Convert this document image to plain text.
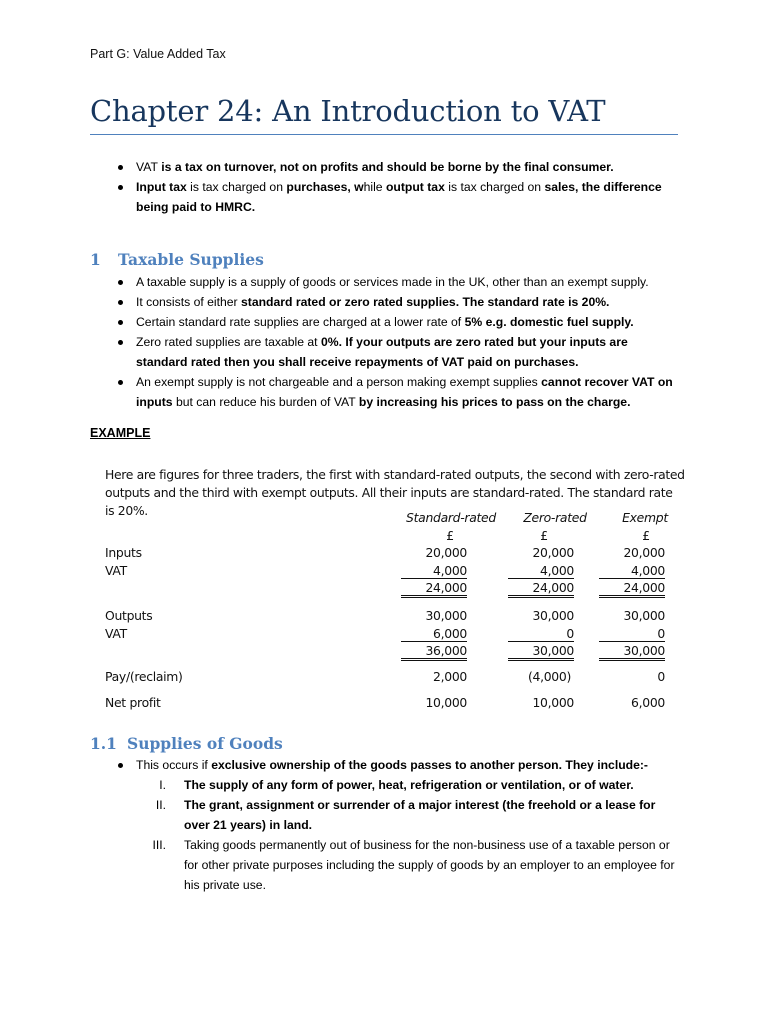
Part G: Value Added Tax
Chapter 24: An Introduction to VAT
VAT is a tax on turnover, not on profits and should be borne by the final consumer.
Input tax is tax charged on purchases, while output tax is tax charged on sales, the difference being paid to HMRC.
1 Taxable Supplies
A taxable supply is a supply of goods or services made in the UK, other than an exempt supply.
It consists of either standard rated or zero rated supplies. The standard rate is 20%.
Certain standard rate supplies are charged at a lower rate of 5% e.g. domestic fuel supply.
Zero rated supplies are taxable at 0%. If your outputs are zero rated but your inputs are standard rated then you shall receive repayments of VAT paid on purchases.
An exempt supply is not chargeable and a person making exempt supplies cannot recover VAT on inputs but can reduce his burden of VAT by increasing his prices to pass on the charge.
EXAMPLE
Here are figures for three traders, the first with standard-rated outputs, the second with zero-rated outputs and the third with exempt outputs. All their inputs are standard-rated. The standard rate is 20%.	Standard-rated	Zero-rated	Exempt
£	£	£
Inputs	20,000	20,000	20,000
VAT	4,000	4,000	4,000
24,000	24,000	24,000
Outputs	30,000	30,000	30,000
VAT	6,000	0	0
36,000	30,000	30,000
Pay/(reclaim)	2,000	(4,000)	0
Net profit	10,000	10,000	6,000
1.1 Supplies of Goods
This occurs if exclusive ownership of the goods passes to another person. They include:-
I. The supply of any form of power, heat, refrigeration or ventilation, or of water.
II. The grant, assignment or surrender of a major interest (the freehold or a lease for over 21 years) in land.
III. Taking goods permanently out of business for the non-business use of a taxable person or for other private purposes including the supply of goods by an employer to an employee for his private use.
